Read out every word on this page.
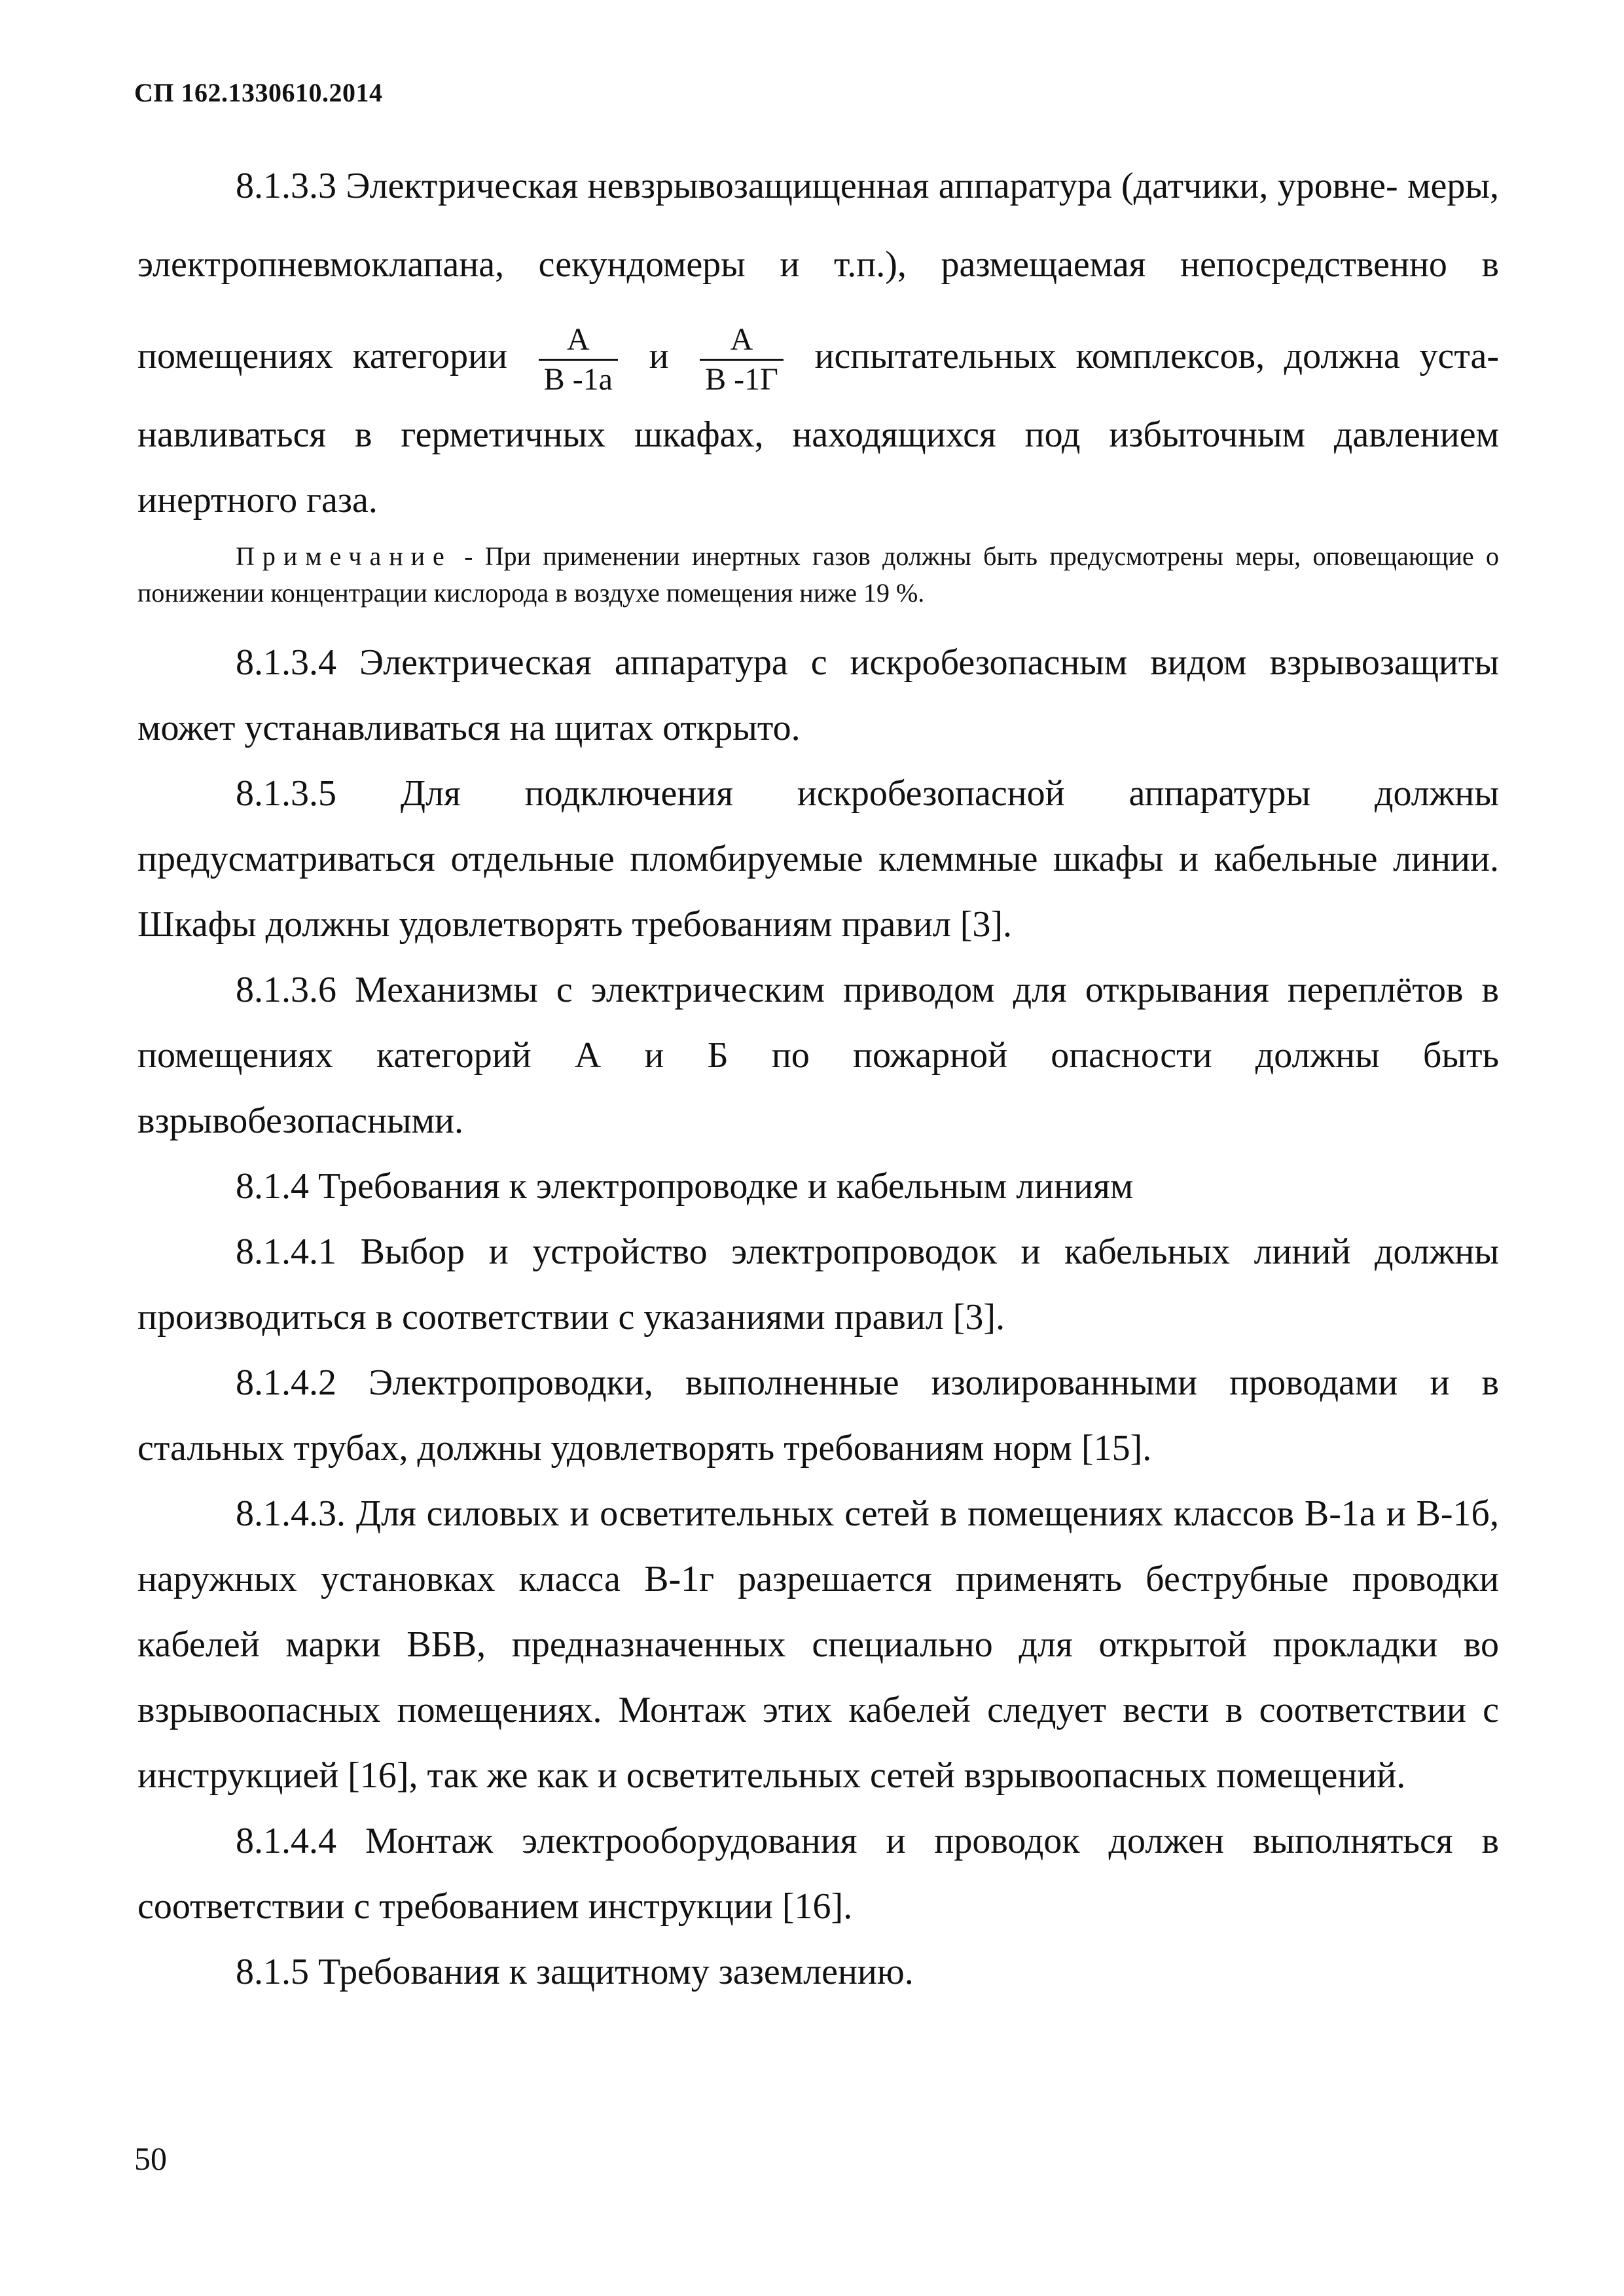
СП 162.1330610.2014

8.1.3.3 Электрическая невзрывозащищенная аппаратура (датчики, уровне- меры, электропневмоклапана, секундомеры и т.п.), размещаемая непосредственно в помещениях категории $\frac{А}{В -1а}$ и $\frac{А}{В -1Г}$ испытательных комплексов, должна уста- навливаться в герметичных шкафах, находящихся под избыточным давлением инертного газа.

Примечание - При применении инертных газов должны быть предусмотрены меры, оповещающие о понижении концентрации кислорода в воздухе помещения ниже 19 %.

8.1.3.4 Электрическая аппаратура с искробезопасным видом взрывозащиты может устанавливаться на щитах открыто.

8.1.3.5 Для подключения искробезопасной аппаратуры должны предусматриваться отдельные пломбируемые клеммные шкафы и кабельные линии. Шкафы должны удовлетворять требованиям правил [3].

8.1.3.6 Механизмы с электрическим приводом для открывания переплётов в помещениях категорий А и Б по пожарной опасности должны быть взрывобезопасными.

8.1.4 Требования к электропроводке и кабельным линиям

8.1.4.1 Выбор и устройство электропроводок и кабельных линий должны производиться в соответствии с указаниями правил [3].

8.1.4.2 Электропроводки, выполненные изолированными проводами и в стальных трубах, должны удовлетворять требованиям норм [15].

8.1.4.3. Для силовых и осветительных сетей в помещениях классов В-1а и В-1б, наружных установках класса В-1г разрешается применять беструбные проводки кабелей марки ВБВ, предназначенных специально для открытой прокладки во взрывоопасных помещениях. Монтаж этих кабелей следует вести в соответствии с инструкцией [16], так же как и осветительных сетей взрывоопасных помещений.

8.1.4.4 Монтаж электрооборудования и проводок должен выполняться в соответствии с требованием инструкции [16].

8.1.5 Требования к защитному заземлению.

50
